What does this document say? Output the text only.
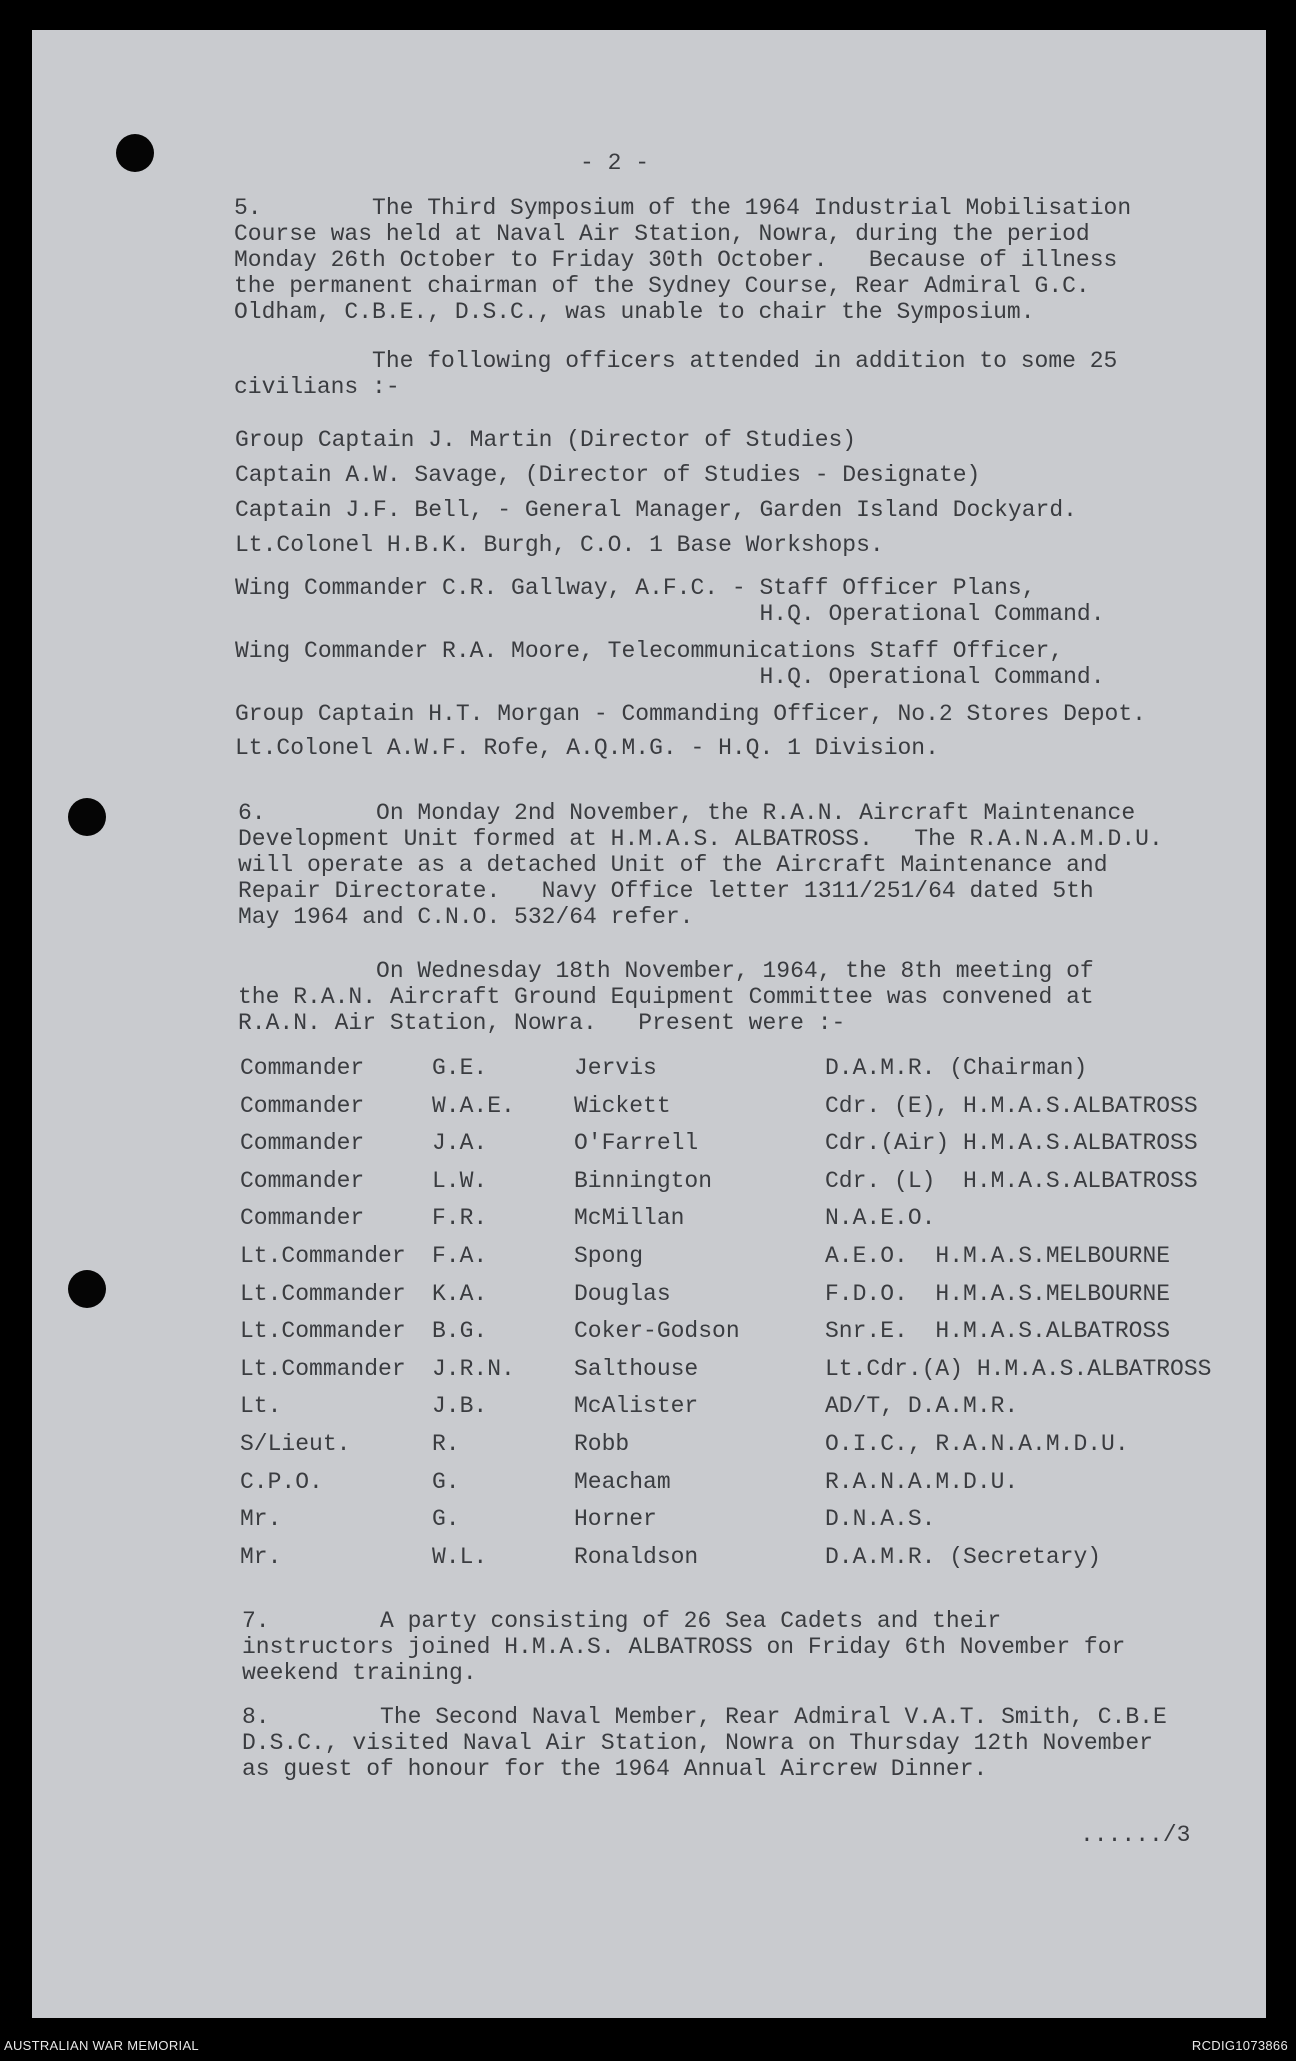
- 2 -
5.        The Third Symposium of the 1964 Industrial Mobilisation
Course was held at Naval Air Station, Nowra, during the period
Monday 26th October to Friday 30th October.   Because of illness
the permanent chairman of the Sydney Course, Rear Admiral G.C.
Oldham, C.B.E., D.S.C., was unable to chair the Symposium.
The following officers attended in addition to some 25
civilians :-
Group Captain J. Martin (Director of Studies)
Captain A.W. Savage, (Director of Studies - Designate)
Captain J.F. Bell, - General Manager, Garden Island Dockyard.
Lt.Colonel H.B.K. Burgh, C.O. 1 Base Workshops.
Wing Commander C.R. Gallway, A.F.C. - Staff Officer Plans,
H.Q. Operational Command.
Wing Commander R.A. Moore, Telecommunications Staff Officer,
H.Q. Operational Command.
Group Captain H.T. Morgan - Commanding Officer, No.2 Stores Depot.
Lt.Colonel A.W.F. Rofe, A.Q.M.G. - H.Q. 1 Division.
6.        On Monday 2nd November, the R.A.N. Aircraft Maintenance
Development Unit formed at H.M.A.S. ALBATROSS.   The R.A.N.A.M.D.U.
will operate as a detached Unit of the Aircraft Maintenance and
Repair Directorate.   Navy Office letter 1311/251/64 dated 5th
May 1964 and C.N.O. 532/64 refer.
On Wednesday 18th November, 1964, the 8th meeting of
the R.A.N. Aircraft Ground Equipment Committee was convened at
R.A.N. Air Station, Nowra.   Present were :-
Commander	G.E.	Jervis	D.A.M.R. (Chairman)
Commander	W.A.E.	Wickett	Cdr. (E), H.M.A.S.ALBATROSS
Commander	J.A.	O'Farrell	Cdr.(Air) H.M.A.S.ALBATROSS
Commander	L.W.	Binnington	Cdr. (L)  H.M.A.S.ALBATROSS
Commander	F.R.	McMillan	N.A.E.O.
Lt.Commander F.A.	Spong	A.E.O.  H.M.A.S.MELBOURNE
Lt.Commander K.A.	Douglas	F.D.O.  H.M.A.S.MELBOURNE
Lt.Commander B.G.	Coker-Godson	Snr.E.  H.M.A.S.ALBATROSS
Lt.Commander J.R.N.	Salthouse	Lt.Cdr.(A) H.M.A.S.ALBATROSS
Lt.	J.B.	McAlister	AD/T, D.A.M.R.
S/Lieut.	R.	Robb	O.I.C., R.A.N.A.M.D.U.
C.P.O.	G.	Meacham	R.A.N.A.M.D.U.
Mr.	G.	Horner	D.N.A.S.
Mr.	W.L.	Ronaldson	D.A.M.R. (Secretary)
7.        A party consisting of 26 Sea Cadets and their
instructors joined H.M.A.S. ALBATROSS on Friday 6th November for
weekend training.
8.        The Second Naval Member, Rear Admiral V.A.T. Smith, C.B.E
D.S.C., visited Naval Air Station, Nowra on Thursday 12th November
as guest of honour for the 1964 Annual Aircrew Dinner.
....../3
AUSTRALIAN WAR MEMORIAL	RCDIG1073866
